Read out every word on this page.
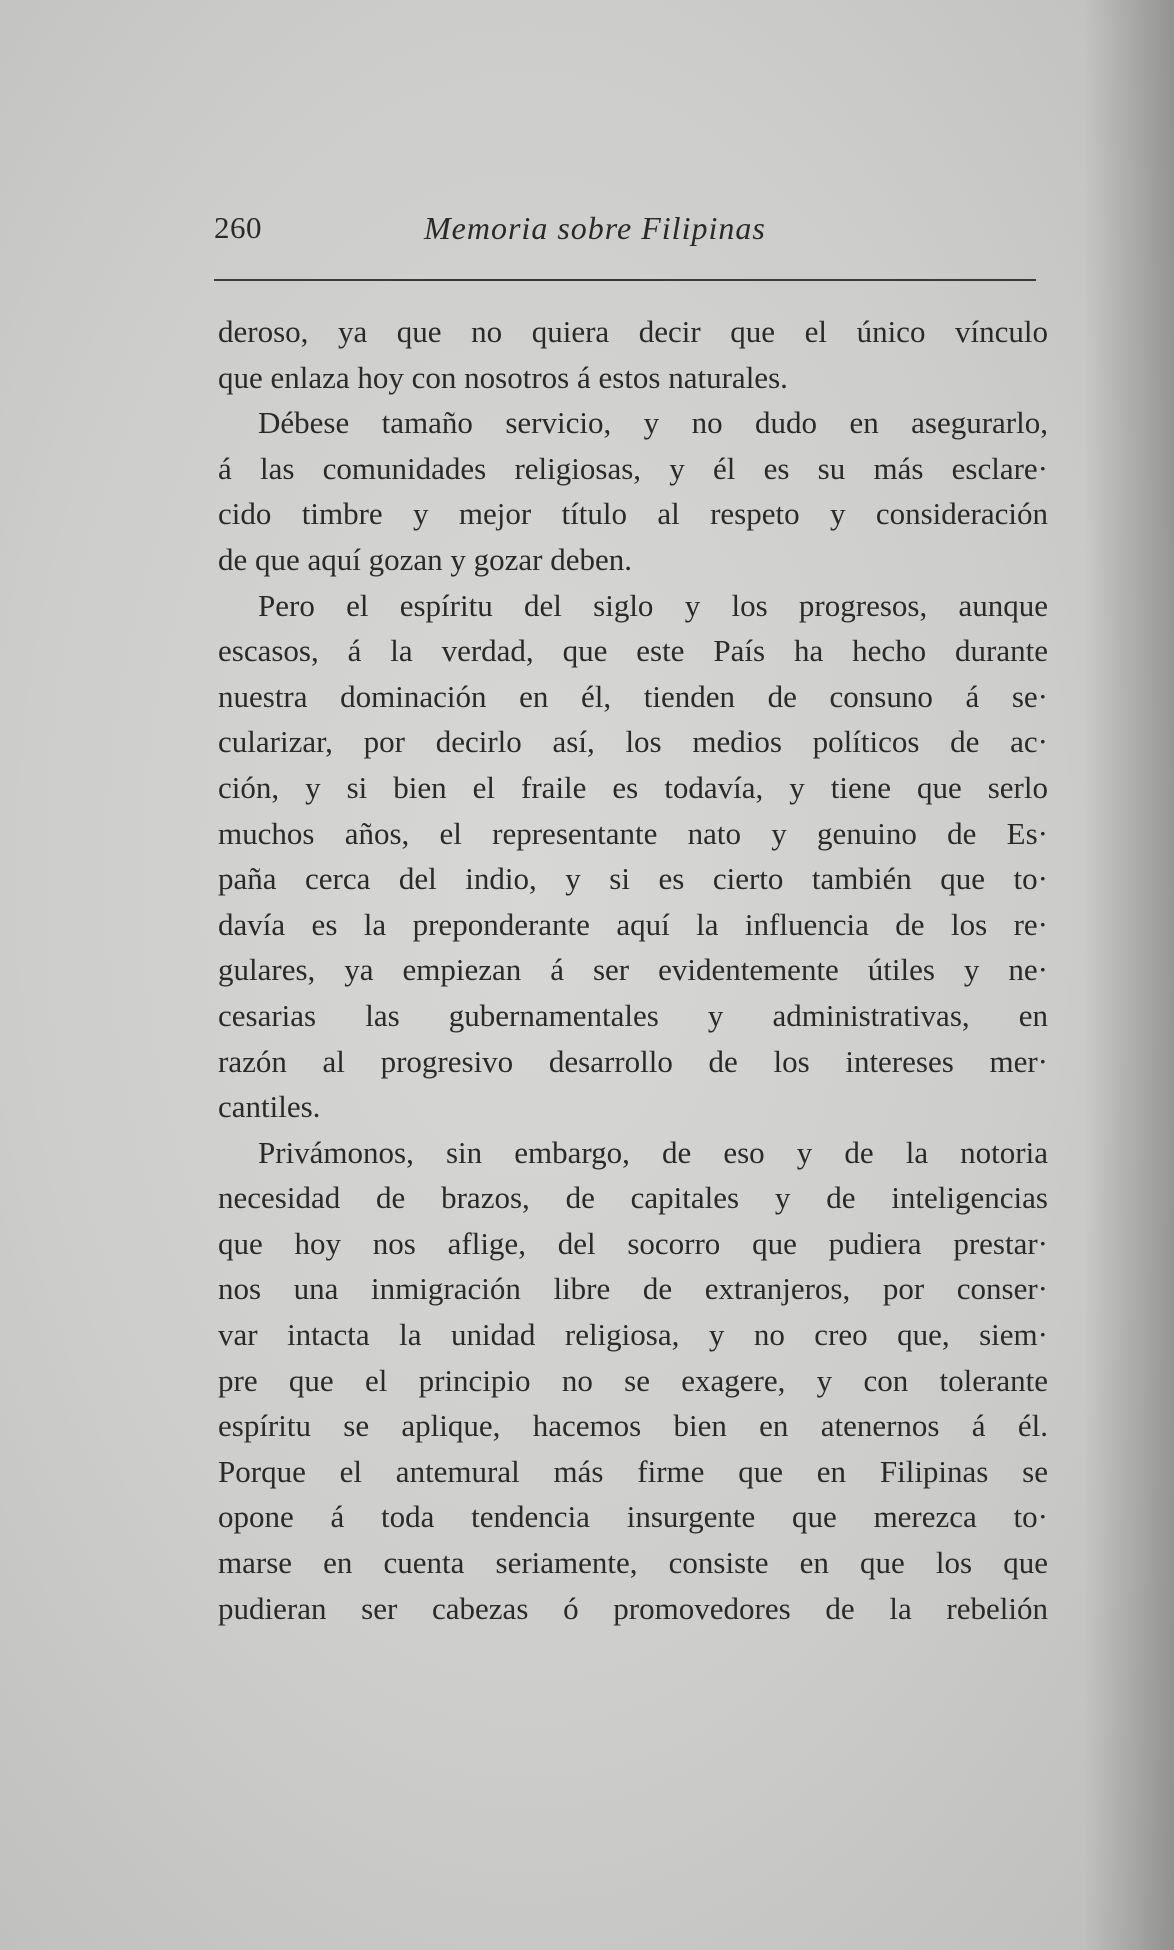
260	Memoria sobre Filipinas
deroso, ya que no quiera decir que el único vínculo
que enlaza hoy con nosotros á estos naturales.
Débese tamaño servicio, y no dudo en asegurarlo,
á las comunidades religiosas, y él es su más esclare·
cido timbre y mejor título al respeto y consideración
de que aquí gozan y gozar deben.
Pero el espíritu del siglo y los progresos, aunque
escasos, á la verdad, que este País ha hecho durante
nuestra dominación en él, tienden de consuno á se·
cularizar, por decirlo así, los medios políticos de ac·
ción, y si bien el fraile es todavía, y tiene que serlo
muchos años, el representante nato y genuino de Es·
paña cerca del indio, y si es cierto también que to·
davía es la preponderante aquí la influencia de los re·
gulares, ya empiezan á ser evidentemente útiles y ne·
cesarias las gubernamentales y administrativas, en
razón al progresivo desarrollo de los intereses mer·
cantiles.
Privámonos, sin embargo, de eso y de la notoria
necesidad de brazos, de capitales y de inteligencias
que hoy nos aflige, del socorro que pudiera prestar·
nos una inmigración libre de extranjeros, por conser·
var intacta la unidad religiosa, y no creo que, siem·
pre que el principio no se exagere, y con tolerante
espíritu se aplique, hacemos bien en atenernos á él.
Porque el antemural más firme que en Filipinas se
opone á toda tendencia insurgente que merezca to·
marse en cuenta seriamente, consiste en que los que
pudieran ser cabezas ó promovedores de la rebelión
